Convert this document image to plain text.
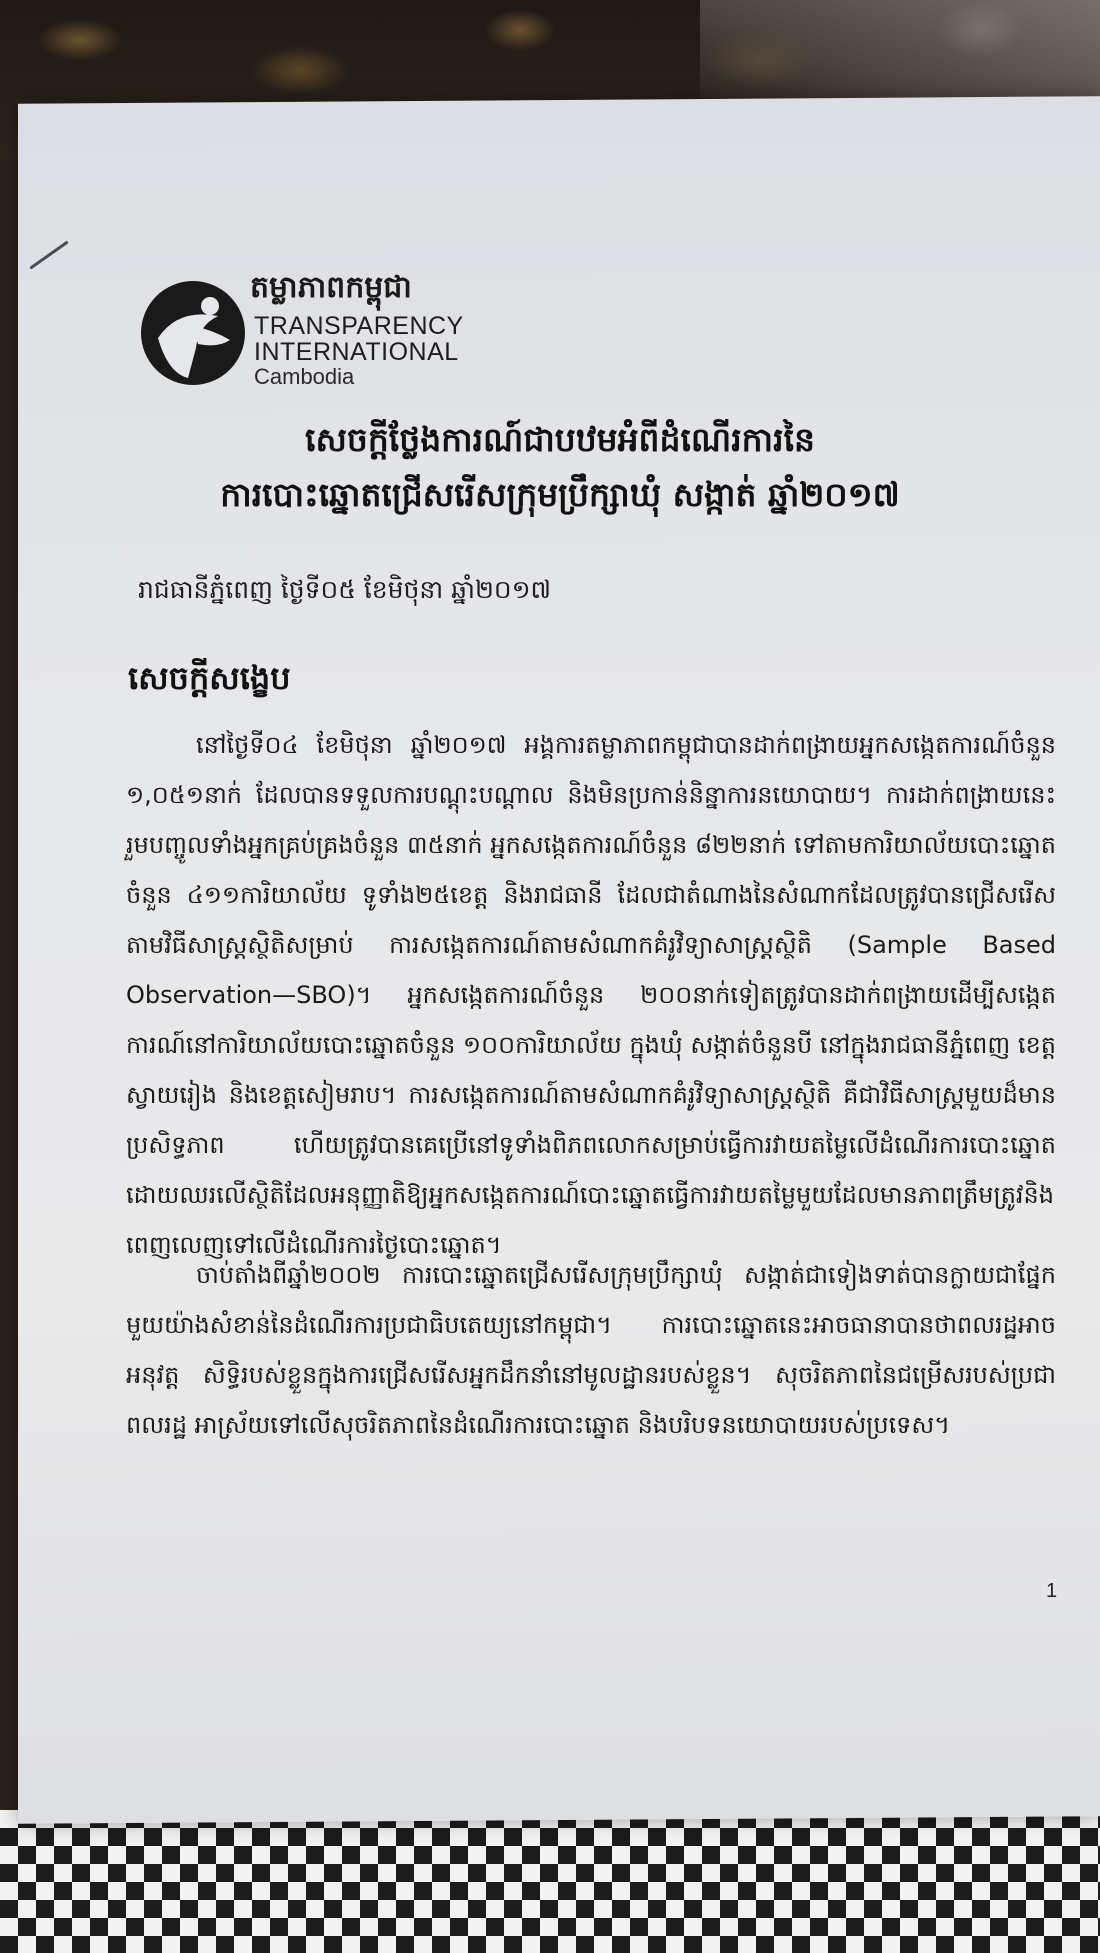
តម្លាភាពកម្ពុជា
TRANSPARENCY
INTERNATIONAL
Cambodia
សេចក្តីថ្លែងការណ៍ជាបឋមអំពីដំណើរការនៃ
ការបោះឆ្នោតជ្រើសរើសក្រុមប្រឹក្សាឃុំ សង្កាត់ ឆ្នាំ២០១៧
រាជធានីភ្នំពេញ ថ្ងៃទី០៥ ខែមិថុនា ឆ្នាំ២០១៧
សេចក្តីសង្ខេប
នៅថ្ងៃទី០៤ ខែមិថុនា ឆ្នាំ២០១៧ អង្គការតម្លាភាពកម្ពុជាបានដាក់ពង្រាយអ្នកសង្កេតការណ៍ចំនួន ១,០៥១នាក់ ដែលបានទទួលការបណ្តុះបណ្តាល និងមិនប្រកាន់និន្នាការនយោបាយ។ ការដាក់ពង្រាយនេះរួមបញ្ចូលទាំងអ្នកគ្រប់គ្រងចំនួន ៣៥នាក់ អ្នកសង្កេតការណ៍ចំនួន ៨២២នាក់ ទៅតាមការិយាល័យបោះឆ្នោតចំនួន ៤១១ការិយាល័យ ទូទាំង២៥ខេត្ត និងរាជធានី ដែលជាតំណាងនៃសំណាកដែលត្រូវបានជ្រើសរើសតាមវិធីសាស្ត្រស្ថិតិសម្រាប់ ការសង្កេតការណ៍តាមសំណាកគំរូវិទ្យាសាស្ត្រស្ថិតិ (Sample Based Observation—SBO)។ អ្នកសង្កេតការណ៍ចំនួន ២០០នាក់ទៀតត្រូវបានដាក់ពង្រាយដើម្បីសង្កេតការណ៍នៅការិយាល័យបោះឆ្នោតចំនួន ១០០ការិយាល័យ ក្នុងឃុំ សង្កាត់ចំនួនបី នៅក្នុងរាជធានីភ្នំពេញ ខេត្តស្វាយរៀង និងខេត្តសៀមរាប។ ការសង្កេតការណ៍តាមសំណាកគំរូវិទ្យាសាស្ត្រស្ថិតិ គឺជាវិធីសាស្ត្រមួយដ៏មានប្រសិទ្ធភាព ហើយត្រូវបានគេប្រើនៅទូទាំងពិភពលោកសម្រាប់ធ្វើការវាយតម្លៃលើដំណើរការបោះឆ្នោតដោយឈរលើស្ថិតិដែលអនុញ្ញាតិឱ្យអ្នកសង្កេតការណ៍បោះឆ្នោតធ្វើការវាយតម្លៃមួយដែលមានភាពត្រឹមត្រូវនិងពេញលេញទៅលើដំណើរការថ្ងៃបោះឆ្នោត។
ចាប់តាំងពីឆ្នាំ២០០២ ការបោះឆ្នោតជ្រើសរើសក្រុមប្រឹក្សាឃុំ សង្កាត់ជាទៀងទាត់បានក្លាយជាផ្នែកមួយយ៉ាងសំខាន់នៃដំណើរការប្រជាធិបតេយ្យនៅកម្ពុជា។ ការបោះឆ្នោតនេះអាចធានាបានថាពលរដ្ឋអាចអនុវត្ត សិទ្ធិរបស់ខ្លួនក្នុងការជ្រើសរើសអ្នកដឹកនាំនៅមូលដ្ឋានរបស់ខ្លួន។ សុចរិតភាពនៃជម្រើសរបស់ប្រជាពលរដ្ឋ អាស្រ័យទៅលើសុចរិតភាពនៃដំណើរការបោះឆ្នោត និងបរិបទនយោបាយរបស់ប្រទេស។
1
